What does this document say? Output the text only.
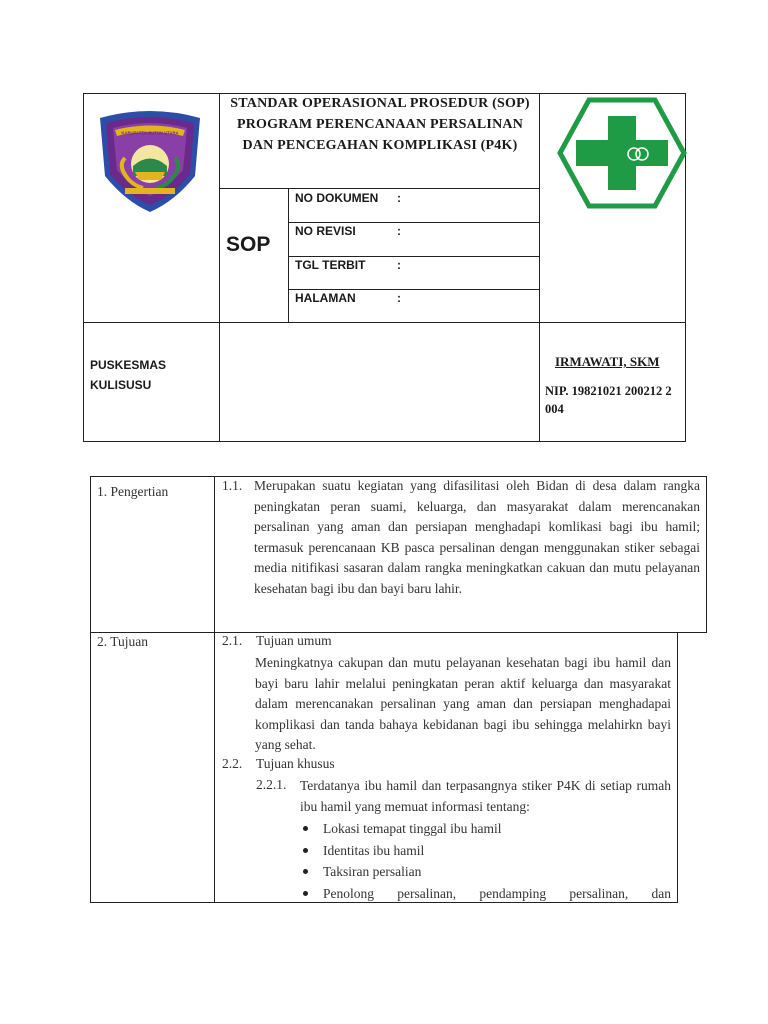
KABUPATEN BUTON UTARA
STANDAR OPERASIONAL PROSEDUR (SOP) PROGRAM PERENCANAAN PERSALINAN DAN PENCEGAHAN KOMPLIKASI (P4K)
SOP
NO DOKUMEN :
NO REVISI	:
TGL TERBIT	:
HALAMAN	:
PUSKESMAS
KULISUSU
IRMAWATI, SKM
NIP. 19821021 200212 2 004
1. Pengertian	1.1. Merupakan suatu kegiatan yang difasilitasi oleh Bidan di desa dalam rangka peningkatan peran suami, keluarga, dan masyarakat dalam merencanakan persalinan yang aman dan persiapan menghadapi komlikasi bagi ibu hamil; termasuk perencanaan KB pasca persalinan dengan menggunakan stiker sebagai media nitifikasi sasaran dalam rangka meningkatkan cakuan dan mutu pelayanan kesehatan bagi ibu dan bayi baru lahir.
2. Tujuan	2.1. Tujuan umum
Meningkatnya cakupan dan mutu pelayanan kesehatan bagi ibu hamil dan bayi baru lahir melalui peningkatan peran aktif keluarga dan masyarakat dalam merencanakan persalinan yang aman dan persiapan menghadapai komplikasi dan tanda bahaya kebidanan bagi ibu sehingga melahirkn bayi yang sehat.
2.2. Tujuan khusus
2.2.1. Terdatanya ibu hamil dan terpasangnya stiker P4K di setiap rumah ibu hamil yang memuat informasi tentang:
Lokasi temapat tinggal ibu hamil
Identitas ibu hamil
Taksiran persalian
Penolong persalinan, pendamping persalinan, dan
